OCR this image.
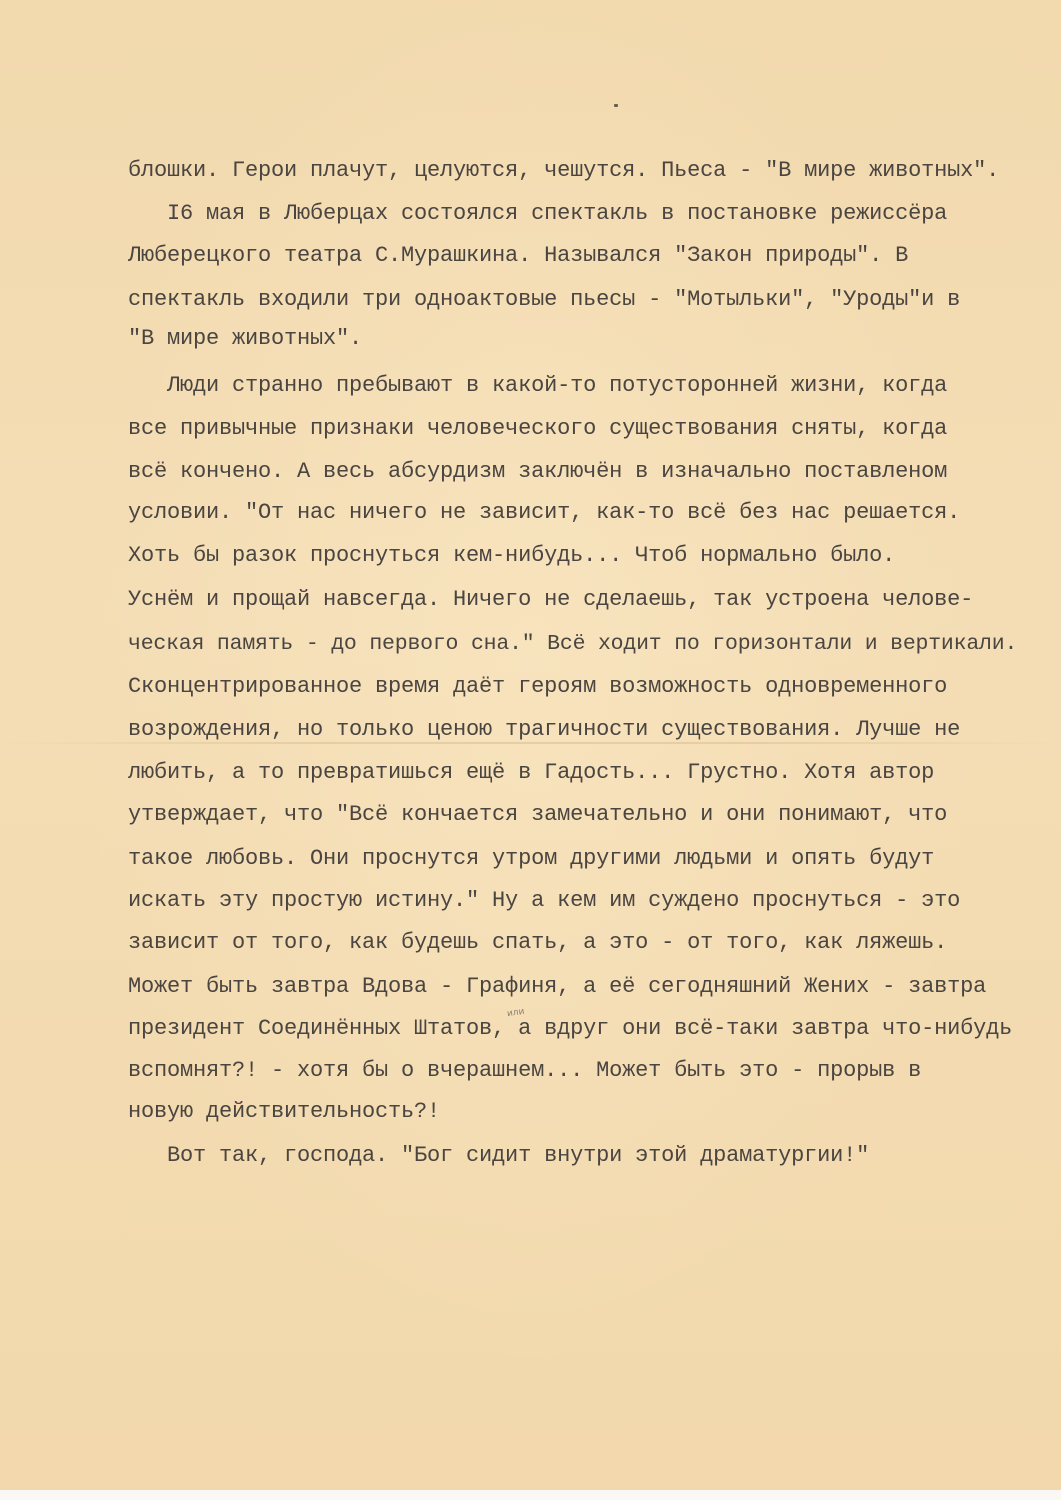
блошки. Герои плачут, целуются, чешутся. Пьеса - "В мире животных".
I6 мая в Люберцах состоялся спектакль в постановке режиссёра
Люберецкого театра С.Мурашкина. Назывался "Закон природы". В
спектакль входили три одноактовые пьесы - "Мотыльки", "Уроды"и в
"В мире животных".
Люди странно пребывают в какой-то потусторонней жизни, когда
все привычные признаки человеческого существования сняты, когда
всё кончено. А весь абсурдизм заключён в изначально поставленом
условии. "От нас ничего не зависит, как-то всё без нас решается.
Хоть бы разок проснуться кем-нибудь... Чтоб нормально было.
Уснём и прощай навсегда. Ничего не сделаешь, так устроена челове-
ческая память - до первого сна." Всё ходит по горизонтали и вертикали.
Сконцентрированное время даёт героям возможность одновременного
возрождения, но только ценою трагичности существования. Лучше не
любить, а то превратишься ещё в Гадость... Грустно. Хотя автор
утверждает, что "Всё кончается замечательно и они понимают, что
такое любовь. Они проснутся утром другими людьми и опять будут
искать эту простую истину." Ну а кем им суждено проснуться - это
зависит от того, как будешь спать, а это - от того, как ляжешь.
Может быть завтра Вдова - Графиня, а её сегодняшний Жених - завтра
президент Соединённых Штатов, а вдруг они всё-таки завтра что-нибудь
вспомнят?! - хотя бы о вчерашнем... Может быть это - прорыв в
новую действительность?!
Вот так, господа. "Бог сидит внутри этой драматургии!"
или
